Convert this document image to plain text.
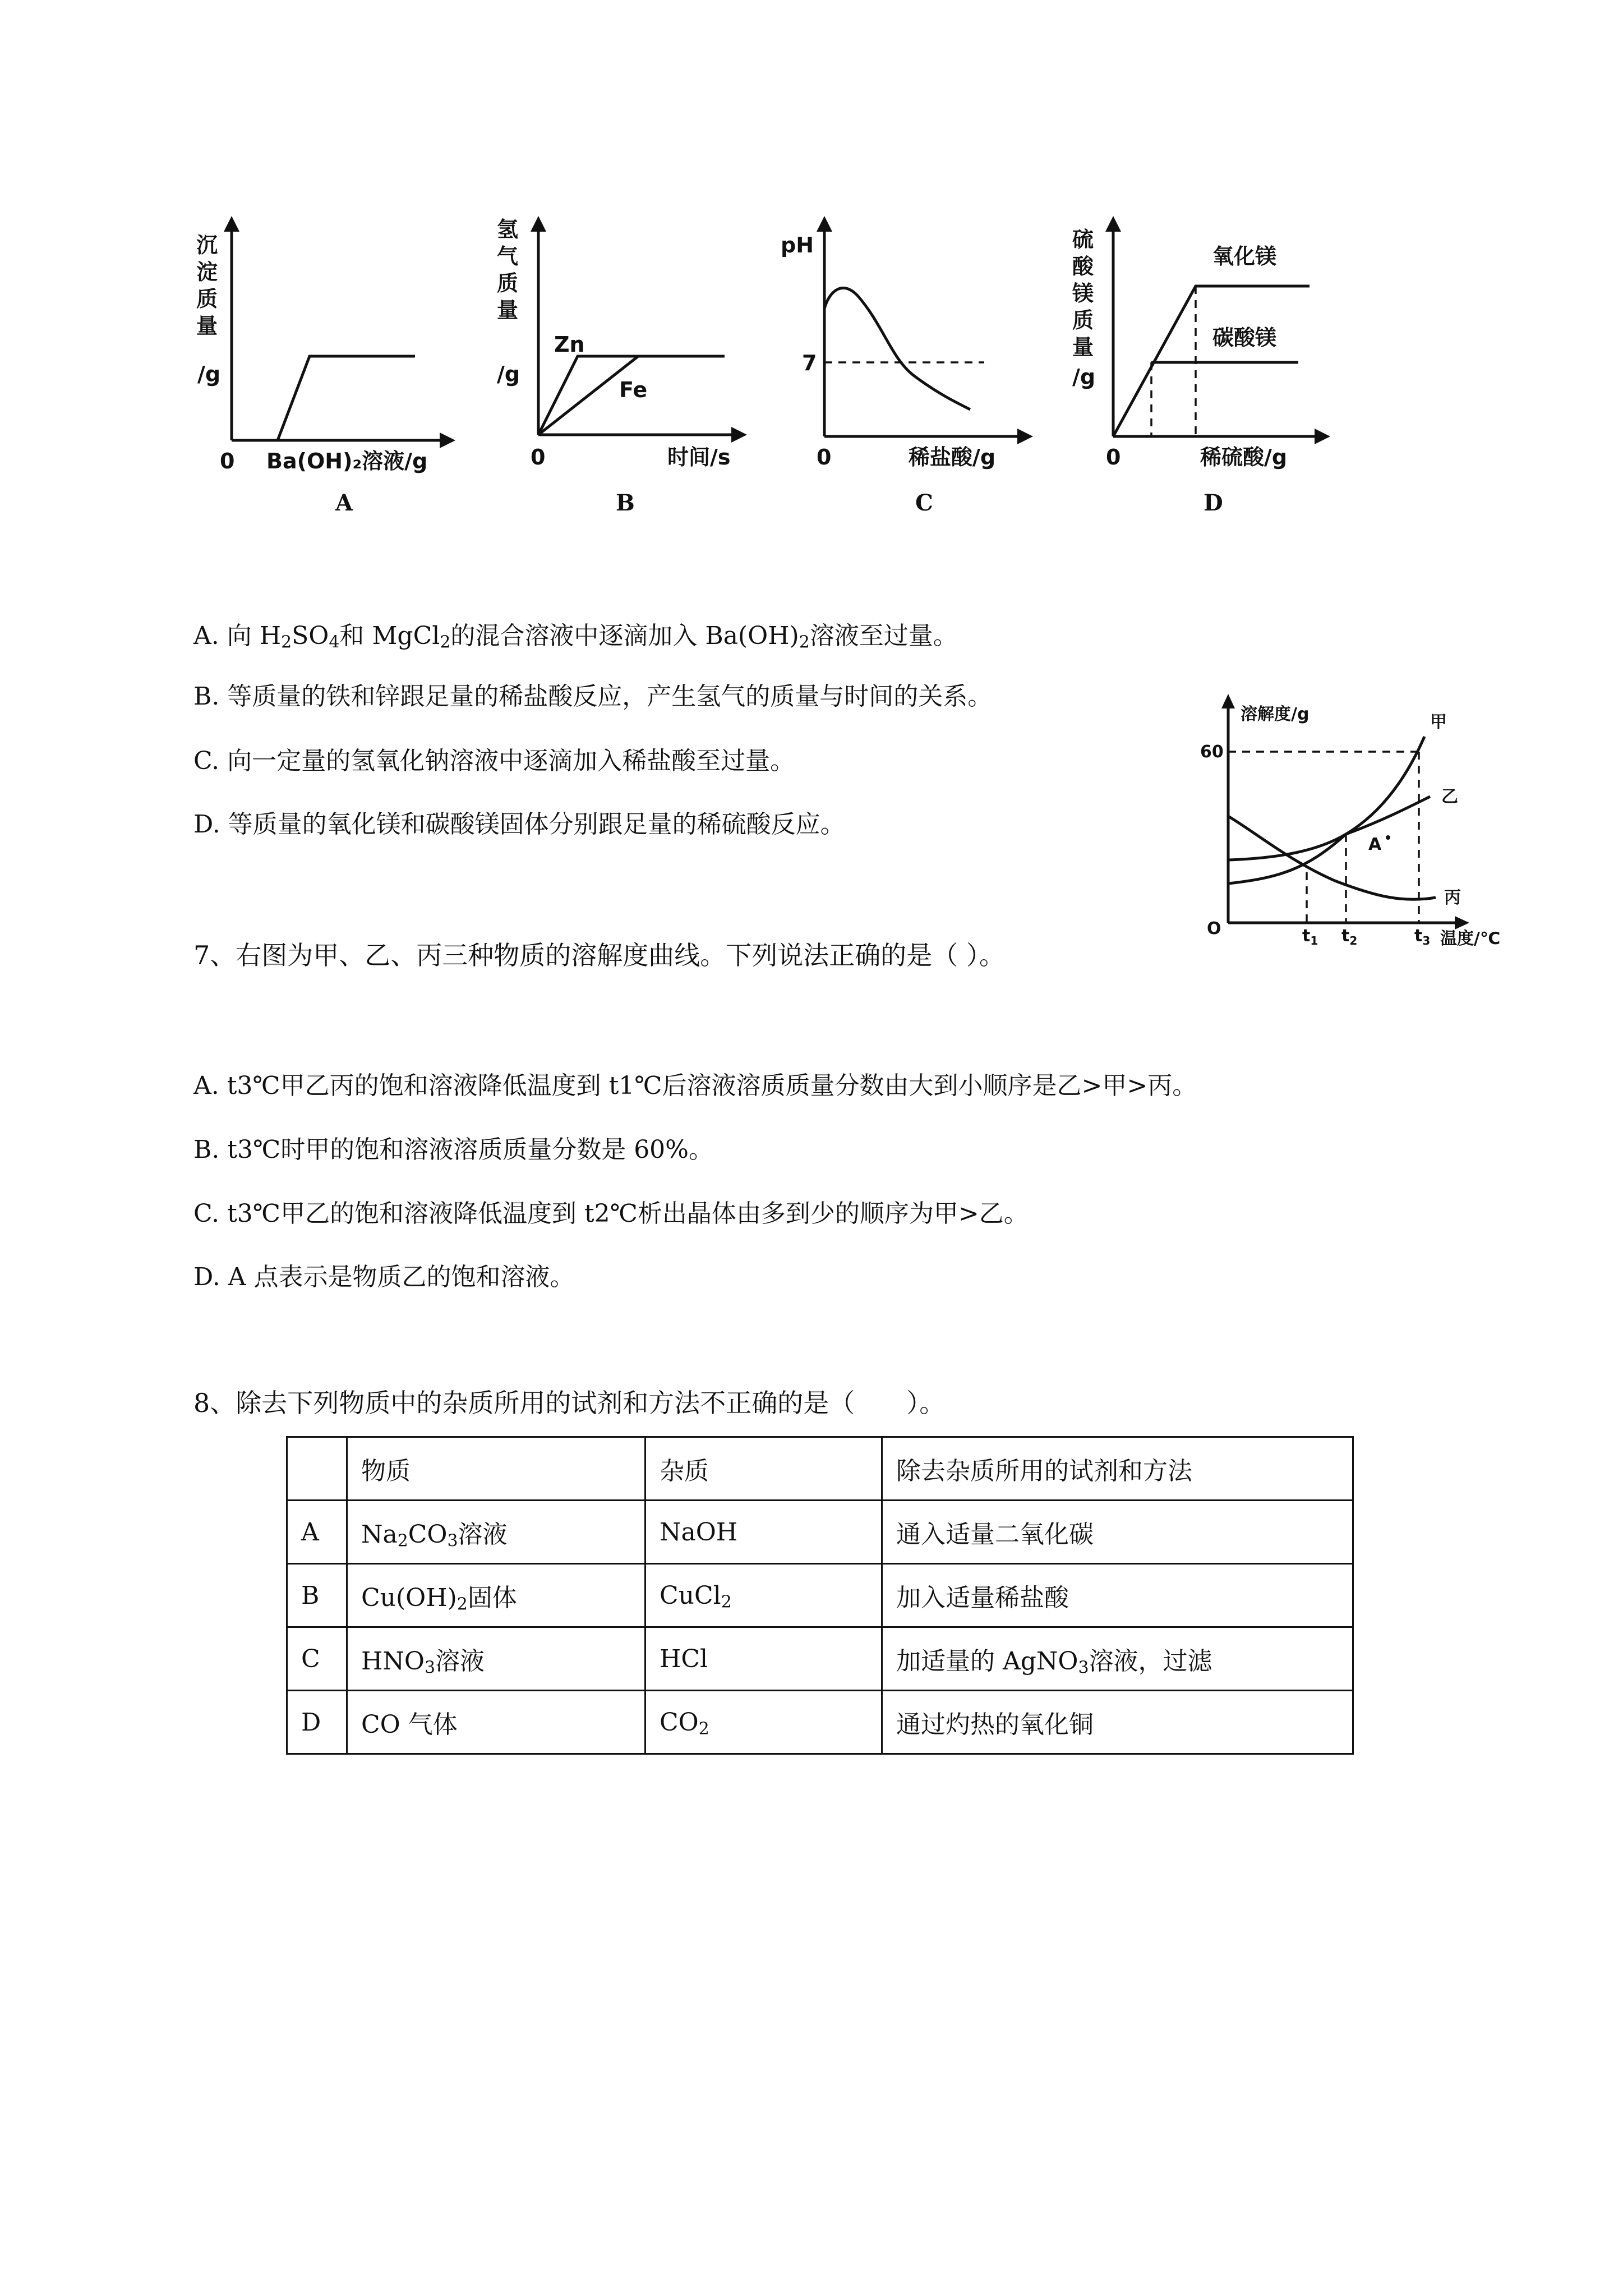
沉
淀
质
量
/g
0 Ba(OH)₂溶液/g
A
氢
气
质
量
/g
Zn
Fe
0	时间/s
B
pH
7
0	稀盐酸/g
C
硫
酸
镁
质
量
/g
氧化镁
碳酸镁
0	稀硫酸/g
D
A. 向 $H_2SO_4$和 MgCl$_2$的混合溶液中逐滴加入 $Ba(OH)_2$溶液至过量。
B. 等质量的铁和锌跟足量的稀盐酸反应，产生氢气的质量与时间的关系。
C. 向一定量的氢氧化钠溶液中逐滴加入稀盐酸至过量。
D. 等质量的氧化镁和碳酸镁固体分别跟足量的稀硫酸反应。
溶解度/g
60
甲
乙
丙
A
O	$t_1$ $t_2$	$t_3$ 温度/℃
7、右图为甲、乙、丙三种物质的溶解度曲线。下列说法正确的是（ ）。
A. t3℃甲乙丙的饱和溶液降低温度到 t1℃后溶液溶质质量分数由大到小顺序是乙>甲>丙。
B. t3℃时甲的饱和溶液溶质质量分数是 60%。
C. t3℃甲乙的饱和溶液降低温度到 t2℃析出晶体由多到少的顺序为甲>乙。
D. A 点表示是物质乙的饱和溶液。
8、除去下列物质中的杂质所用的试剂和方法不正确的是（　　）。
	物质	杂质	除去杂质所用的试剂和方法
A	$Na_2CO_3$溶液	NaOH	通入适量二氧化碳
B	$Cu(OH)_2$固体	CuCl$_2$	加入适量稀盐酸
C	$HNO_3$溶液	HCl	加适量的 AgNO$_3$溶液，过滤
D	CO 气体	$CO_2$	通过灼热的氧化铜
